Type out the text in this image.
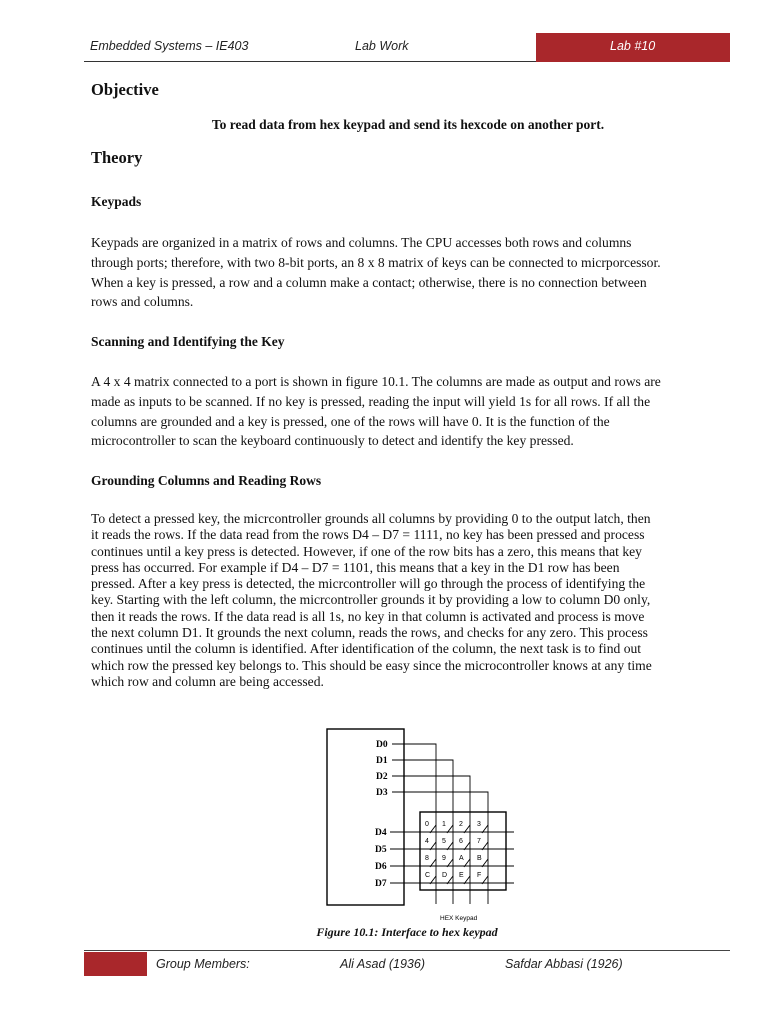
Embedded Systems – IE403	Lab Work	Lab #10
Objective
To read data from hex keypad and send its hexcode on another port.
Theory
Keypads

Keypads are organized in a matrix of rows and columns. The CPU accesses both rows and columns
through ports; therefore, with two 8-bit ports, an 8 x 8 matrix of keys can be connected to micrporcessor.
When a key is pressed, a row and a column make a contact; otherwise, there is no connection between
rows and columns.

Scanning and Identifying the Key

A 4 x 4 matrix connected to a port is shown in figure 10.1. The columns are made as output and rows are
made as inputs to be scanned. If no key is pressed, reading the input will yield 1s for all rows. If all the
columns are grounded and a key is pressed, one of the rows will have 0. It is the function of the
microcontroller to scan the keyboard continuously to detect and identify the key pressed.

Grounding Columns and Reading Rows

To detect a pressed key, the micrcontroller grounds all columns by providing 0 to the output latch, then
it reads the rows. If the data read from the rows D4 – D7 = 1111, no key has been pressed and process
continues until a key press is detected. However, if one of the row bits has a zero, this means that key
press has occurred. For example if D4 – D7 = 1101, this means that a key in the D1 row has been
pressed. After a key press is detected, the micrcontroller will go through the process of identifying the
key. Starting with the left column, the micrcontroller grounds it by providing a low to column D0 only,
then it reads the rows. If the data read is all 1s, no key in that column is activated and process is move
the next column D1. It grounds the next column, reads the rows, and checks for any zero. This process
continues until the column is identified. After identification of the column, the next task is to find out
which row the pressed key belongs to. This should be easy since the microcontroller knows at any time
which row and column are being accessed.

D0
D1
D2
D3
D4
D5
D6
D7
0 1 2 3
4 5 6 7
8 9 A B
C D E F
HEX Keypad
Figure 10.1: Interface to hex keypad
Group Members:	Ali Asad (1936)	Safdar Abbasi (1926)
